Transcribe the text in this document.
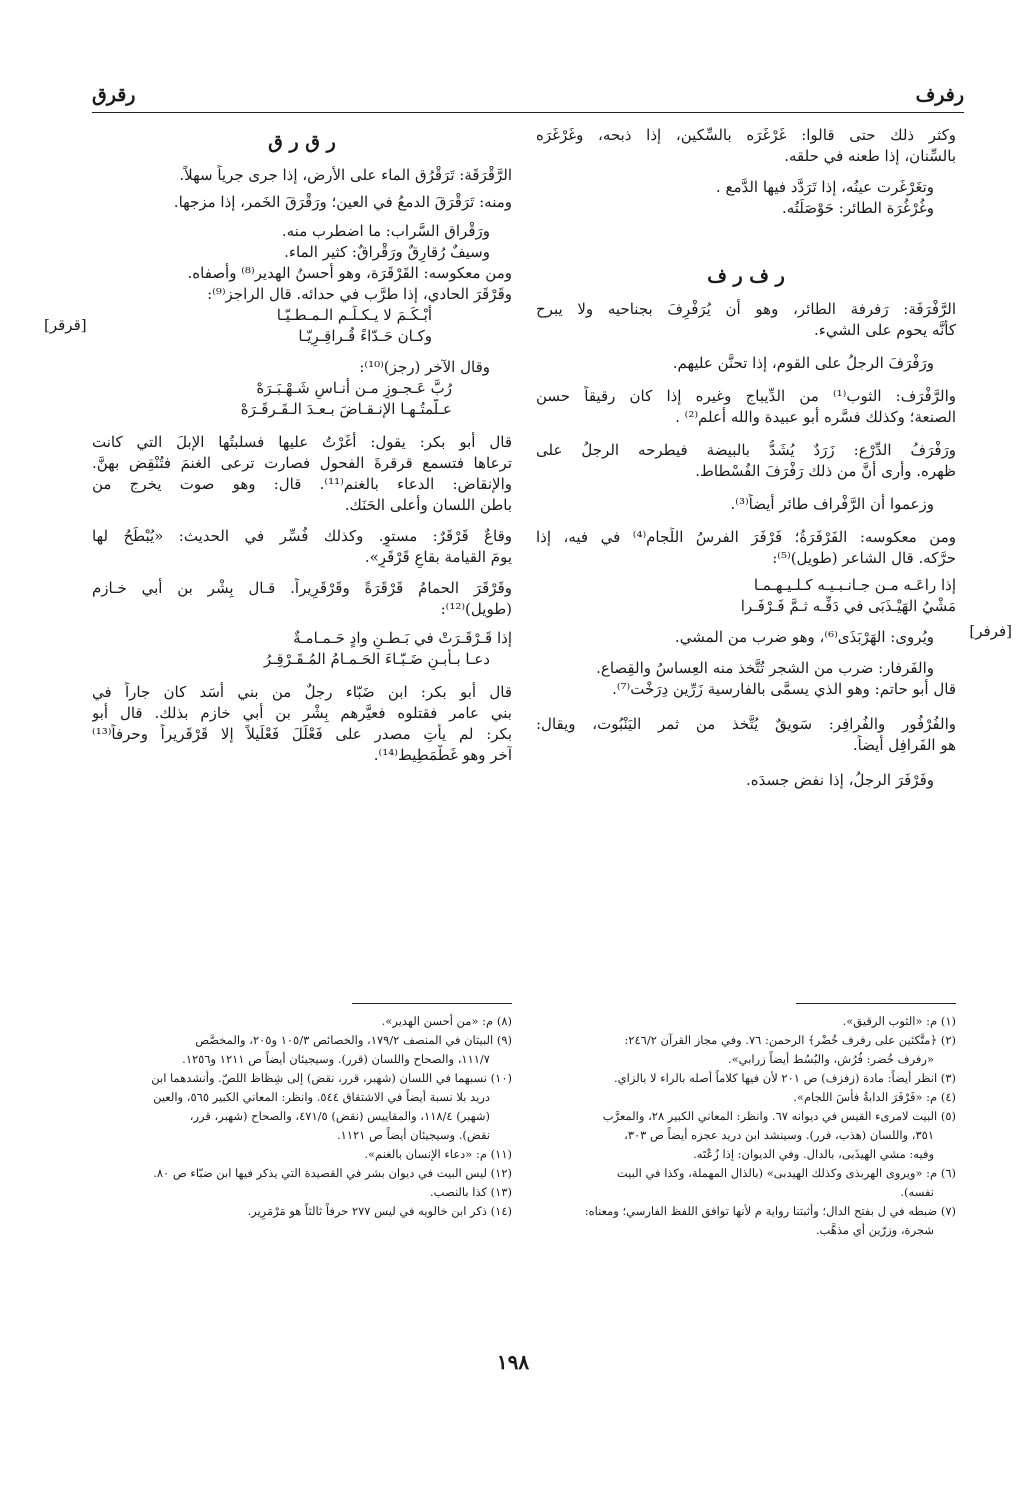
رفرف
رقرق
وكثر ذلك حتى قالوا: غَرْغَرَه بالسِّكين، إذا ذبحه، وغَرْغَرَه
بالسِّنان، إذا طعنه في حلقه.
وتغَرْغَرت عينُه، إذا تَرَدَّد فيها الدَّمع .
وغُرْغُرَة الطائر: حَوْصَلَتُه.
ر ف ر ف
الرَّفْرَفَة: رَفرفة الطائر، وهو أن يُرَفْرِفَ بجناحيه ولا يبرح
كأنَّه يحوم على الشيء.
ورَفْرَفَ الرجلُ على القوم، إذا تحنَّن عليهم.
والرَّفْرَف: الثوب⁽¹⁾ من الدِّيباج وغيره إذا كان رقيقاً حسن
الصنعة؛ وكذلك فسَّره أبو عبيدة والله أعلم⁽²⁾ .
ورَفْرَفُ الدِّرْع: زَرَدٌ يُشَدُّ بالبيضة فيطرحه الرجلُ على
ظهره. وأرى أنَّ من ذلك رَفْرَفَ الفُسْطاط.
وزعموا أن الرَّفْراف طائر أيضاً⁽³⁾.
ومن معكوسه: الفَرْفَرَةُ؛ فَرْفَرَ الفرسُ اللِّجام⁽⁴⁾ في فيه، إذا
حرَّكه. قال الشاعر (طويل)⁽⁵⁾:
إذا راعَـه مـن جـانـبـيـه كـلـيـهـمـا
مَشْيُ الهَيْـذَبَى في دَفِّـه ثـمَّ فَـرْفَـرا
ويُروى: الهَرْبَذَى⁽⁶⁾، وهو ضرب من المشي.
والفَرفار: ضرب من الشجر تُتَّخذ منه العِساسُ والقِصاع.
قال أبو حاتم: وهو الذي يسمَّى بالفارسية زَرِّين دِرَخْت⁽⁷⁾.
والفُرْفُور والفُرافِر: سَويقٌ يُتَّخذ من ثمر اليَنْبُوت، ويقال:
هو الفَرافِل أيضاً.
وفَرْفَرَ الرجلُ، إذا نفض جسدَه.
[فرفر]
ر ق ر ق
الرَّقْرَقَة: تَرَقْرُق الماء على الأرض، إذا جرى جرياً سهلاً.
ومنه: تَرَقْرَقَ الدمعُ في العين؛ ورَقْرَقَ الخَمر، إذا مزجها.
ورَقْراق السَّراب: ما اضطرب منه.
وسيفٌ رُقارِقٌ ورَقْراقٌ: كثير الماء.
ومن معكوسه: القَرْقَرَة، وهو أحسنُ الهدير⁽⁸⁾ وأصفاه.
وقَرْقَرَ الحادي، إذا طرَّب في حدائه. قال الراجز⁽⁹⁾:
أبْـكَـمَ لا يـكـلِّـم الـمـطـيّـا
وكـان حَـدّاءً قُـراقِـرِيّـا
وقال الآخر (رجز)⁽¹⁰⁾:
رُبَّ عَـجـوزٍ مـن أُنـاسٍ شَـهْـبَـرَهْ
عـلَّمتُـهـا الإنـقـاضَ بـعـدَ الـقَـرقَـرَهْ
قال أبو بكر: يقول: أغَرْتُ عليها فسلبتُها الإبلَ التي كانت
ترعاها فتسمع قرقرةَ الفحول فصارت ترعى الغنمَ فتُنْقِض بهنَّ.
والإنقاض: الدعاء بالغنم⁽¹¹⁾. قال: وهو صوت يخرج من
باطن اللسان وأعلى الحَنَك.
وقاعٌ قَرْقَرٌ: مستوٍ. وكذلك فُسِّر في الحديث: «يُبْطَحُ لها
يومَ القيامة بقاعٍ قَرْقَرٍ».
وقَرْقَرَ الحمامُ قَرْقَرَةً وقَرْقَرِيراً. قـال بِشْر بن أبي خـازم
(طويل)⁽¹²⁾:
إذا قَـرْقَـرَتْ في بَـطـنِ وادٍ حَـمـامـةٌ
دعـا بـأبـنِ ضَـبّـاءَ الحَـمـامُ المُـقَـرْقِـرُ
قال أبو بكر: ابن ضَبّاء رجلٌ من بني أسَد كان جاراً في
بني عامر فقتلوه فعيَّرهم بِشْر بن أبي خازم بذلك. قال أبو
بكر: لم يأتِ مصدر على فَعْلَلَ فَعْلَيلاً إلا قَرْقَريراً وحرفاً⁽¹³⁾
آخر وهو غَطْمَطِيط⁽¹⁴⁾.
[قرقر]
(١) م: «الثوب الرقيق».
(٢) ﴿متَّكئين على رفرف خُضْر﴾ الرحمن: ٧٦. وفي مجاز القرآن ٢٤٦/٢:
«رفرف خُضر: فُرُش، والبُسُط أيضاً زرابي».
(٣) انظر أيضاً: مادة (زفزف) ص ٢٠١ لأن فيها كلاماً أصله بالراء لا بالزاي.
(٤) م: «فَرْفَرَ الدابةُ فأسَ اللجام».
(٥) البيت لامرىء القيس في ديوانه ٦٧. وانظر: المعاني الكبير ٢٨، والمعرَّب
٣٥١، واللسان (هذب، فرر). وسينشد ابن دريد عجزه أيضاً ص ٣٠٣،
وفيه: مشي الهيذَبى، بالدال. وفي الديوان: إذا زُعْتَه.
(٦) م: «ويروى الهربذى وكذلك الهيدبى» (بالذال المهملة، وكذا في البيت
نفسه).
(٧) ضبطه في ل بفتح الدال؛ وأثبتنا رواية م لأنها توافق اللفظ الفارسي؛ ومعناه:
شجرة، وزرّين أي مذهَّب.
(٨) م: «من أحسن الهدير».
(٩) البيتان في المنصف ١٧٩/٢، والخصائص ١٠٥/٣ و٢٠٥، والمخصَّص
١١١/٧، والصحاح واللسان (قرر). وسيجيئان أيضاً ص ١٢١١ و١٢٥٦.
(١٠) نسبهما في اللسان (شهبر، قرر، نقض) إلى شِظاظ اللصّ. وأنشدهما ابن
دريد بلا نسبة أيضاً في الاشتقاق ٥٤٤. وانظر: المعاني الكبير ٥٦٥، والعين
(شهبر) ١١٨/٤، والمقاييس (نقض) ٤٧١/٥، والصحاح (شهبر، قرر،
نقض). وسيجيئان أيضاً ص ١١٢١.
(١١) م: «دعاء الإنسان بالغنم».
(١٢) ليس البيت في ديوان بشر في القصيدة التي يذكر فيها ابن ضبّاء ص ٨٠.
(١٣) كذا بالنصب.
(١٤) ذكر ابن خالويه في ليس ٢٧٧ حرفاً ثالثاً هو مَرْمَرِير.
١٩٨
